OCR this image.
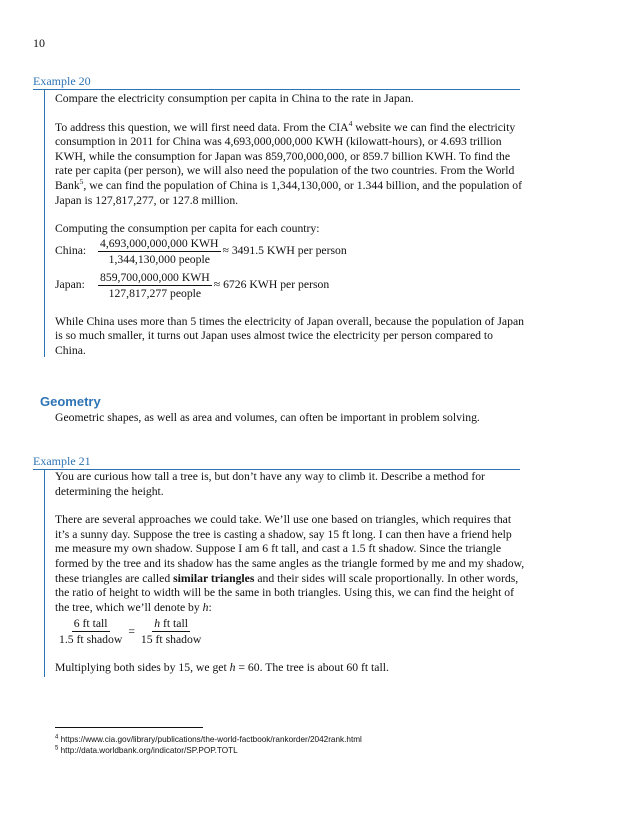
10
Example 20

Compare the electricity consumption per capita in China to the rate in Japan.

To address this question, we will first need data. From the CIA$^4$ website we can find the electricity consumption in 2011 for China was 4,693,000,000,000 KWH (kilowatt-hours), or 4.693 trillion KWH, while the consumption for Japan was 859,700,000,000, or 859.7 billion KWH. To find the rate per capita (per person), we will also need the population of the two countries. From the World Bank$^5$, we can find the population of China is 1,344,130,000, or 1.344 billion, and the population of Japan is 127,817,277, or 127.8 million.

Computing the consumption per capita for each country:

China:	$\frac{\text{4,693,000,000,000 KWH}}{\text{1,344,130,000 people}} \approx 3491.5$ KWH per person
Japan:	$\frac{\text{859,700,000,000 KWH}}{\text{127,817,277 people}} \approx 6726$ KWH per person

While China uses more than 5 times the electricity of Japan overall, because the population of Japan is so much smaller, it turns out Japan uses almost twice the electricity per person compared to China.

Geometry
Geometric shapes, as well as area and volumes, can often be important in problem solving.
Example 21

You are curious how tall a tree is, but don’t have any way to climb it. Describe a method for determining the height.

There are several approaches we could take. We’ll use one based on triangles, which requires that it’s a sunny day. Suppose the tree is casting a shadow, say 15 ft long. I can then have a friend help me measure my own shadow. Suppose I am 6 ft tall, and cast a 1.5 ft shadow. Since the triangle formed by the tree and its shadow has the same angles as the triangle formed by me and my shadow, these triangles are called similar triangles and their sides will scale proportionally. In other words, the ratio of height to width will be the same in both triangles. Using this, we can find the height of the tree, which we’ll denote by h:

$\frac{\text{6 ft tall}}{\text{1.5 ft shadow}} = \frac{\text{h ft tall}}{\text{15 ft shadow}}$

Multiplying both sides by 15, we get h = 60. The tree is about 60 ft tall.

$^4$ https://www.cia.gov/library/publications/the-world-factbook/rankorder/2042rank.html
$^5$ http://data.worldbank.org/indicator/SP.POP.TOTL
